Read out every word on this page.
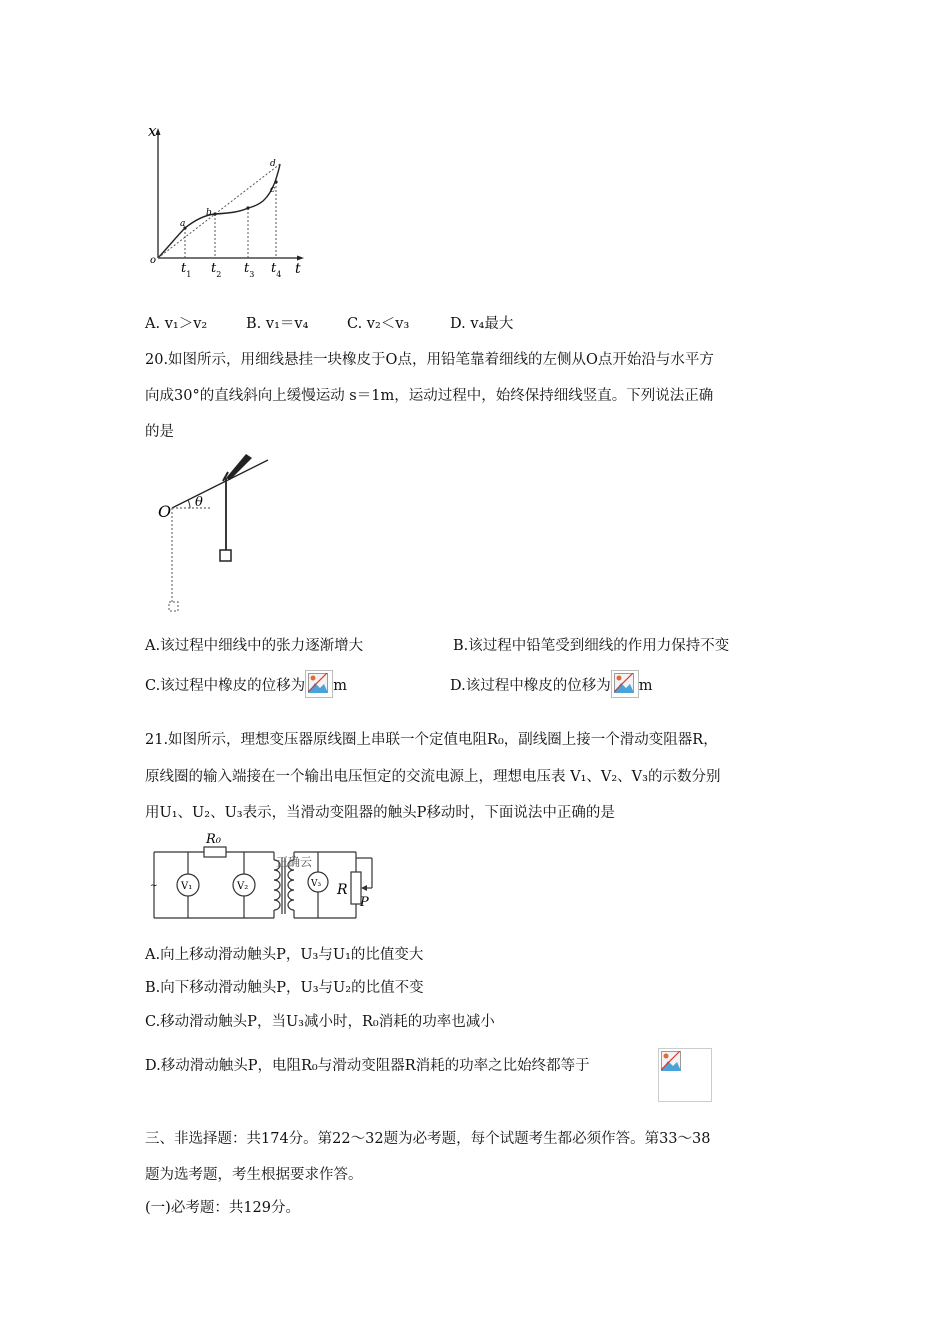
x
t
o
a
b
c
d
$t_1$ $t_2$ $t_3$ $t_4$
A. v₁＞v₂	B. v₁＝v₄	C. v₂＜v₃	D. v₄最大
20.如图所示，用细线悬挂一块橡皮于O点，用铅笔靠着细线的左侧从O点开始沿与水平方
向成30°的直线斜向上缓慢运动 s＝1m，运动过程中，始终保持细线竖直。下列说法正确
的是
O θ
A.该过程中细线中的张力逐渐增大	B.该过程中铅笔受到细线的作用力保持不变
C.该过程中橡皮的位移为 m	D.该过程中橡皮的位移为 m
21.如图所示，理想变压器原线圈上串联一个定值电阻R₀，副线圈上接一个滑动变阻器R，
原线圈的输入端接在一个输出电压恒定的交流电源上，理想电压表 V₁、V₂、V₃的示数分别
用U₁、U₂、U₃表示，当滑动变阻器的触头P移动时，下面说法中正确的是
R₀
~ V₁	V₂	V₃ R
P
正确云
A.向上移动滑动触头P，U₃与U₁的比值变大
B.向下移动滑动触头P，U₃与U₂的比值不变
C.移动滑动触头P，当U₃减小时，R₀消耗的功率也减小
D.移动滑动触头P，电阻R₀与滑动变阻器R消耗的功率之比始终都等于
三、非选择题：共174分。第22～32题为必考题，每个试题考生都必须作答。第33～38
题为选考题，考生根据要求作答。
(一)必考题：共129分。
